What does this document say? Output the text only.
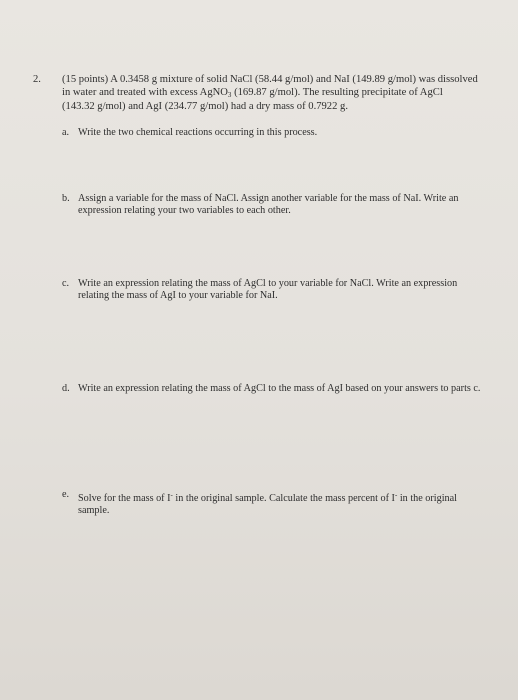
2. (15 points) A 0.3458 g mixture of solid NaCl (58.44 g/mol) and NaI (149.89 g/mol) was dissolved in water and treated with excess AgNO$_3$ (169.87 g/mol). The resulting precipitate of AgCl (143.32 g/mol) and AgI (234.77 g/mol) had a dry mass of 0.7922 g.
a. Write the two chemical reactions occurring in this process.
b. Assign a variable for the mass of NaCl. Assign another variable for the mass of NaI. Write an expression relating your two variables to each other.
c. Write an expression relating the mass of AgCl to your variable for NaCl. Write an expression relating the mass of AgI to your variable for NaI.
d. Write an expression relating the mass of AgCl to the mass of AgI based on your answers to parts c.
e. Solve for the mass of I- in the original sample. Calculate the mass percent of I- in the original sample.
